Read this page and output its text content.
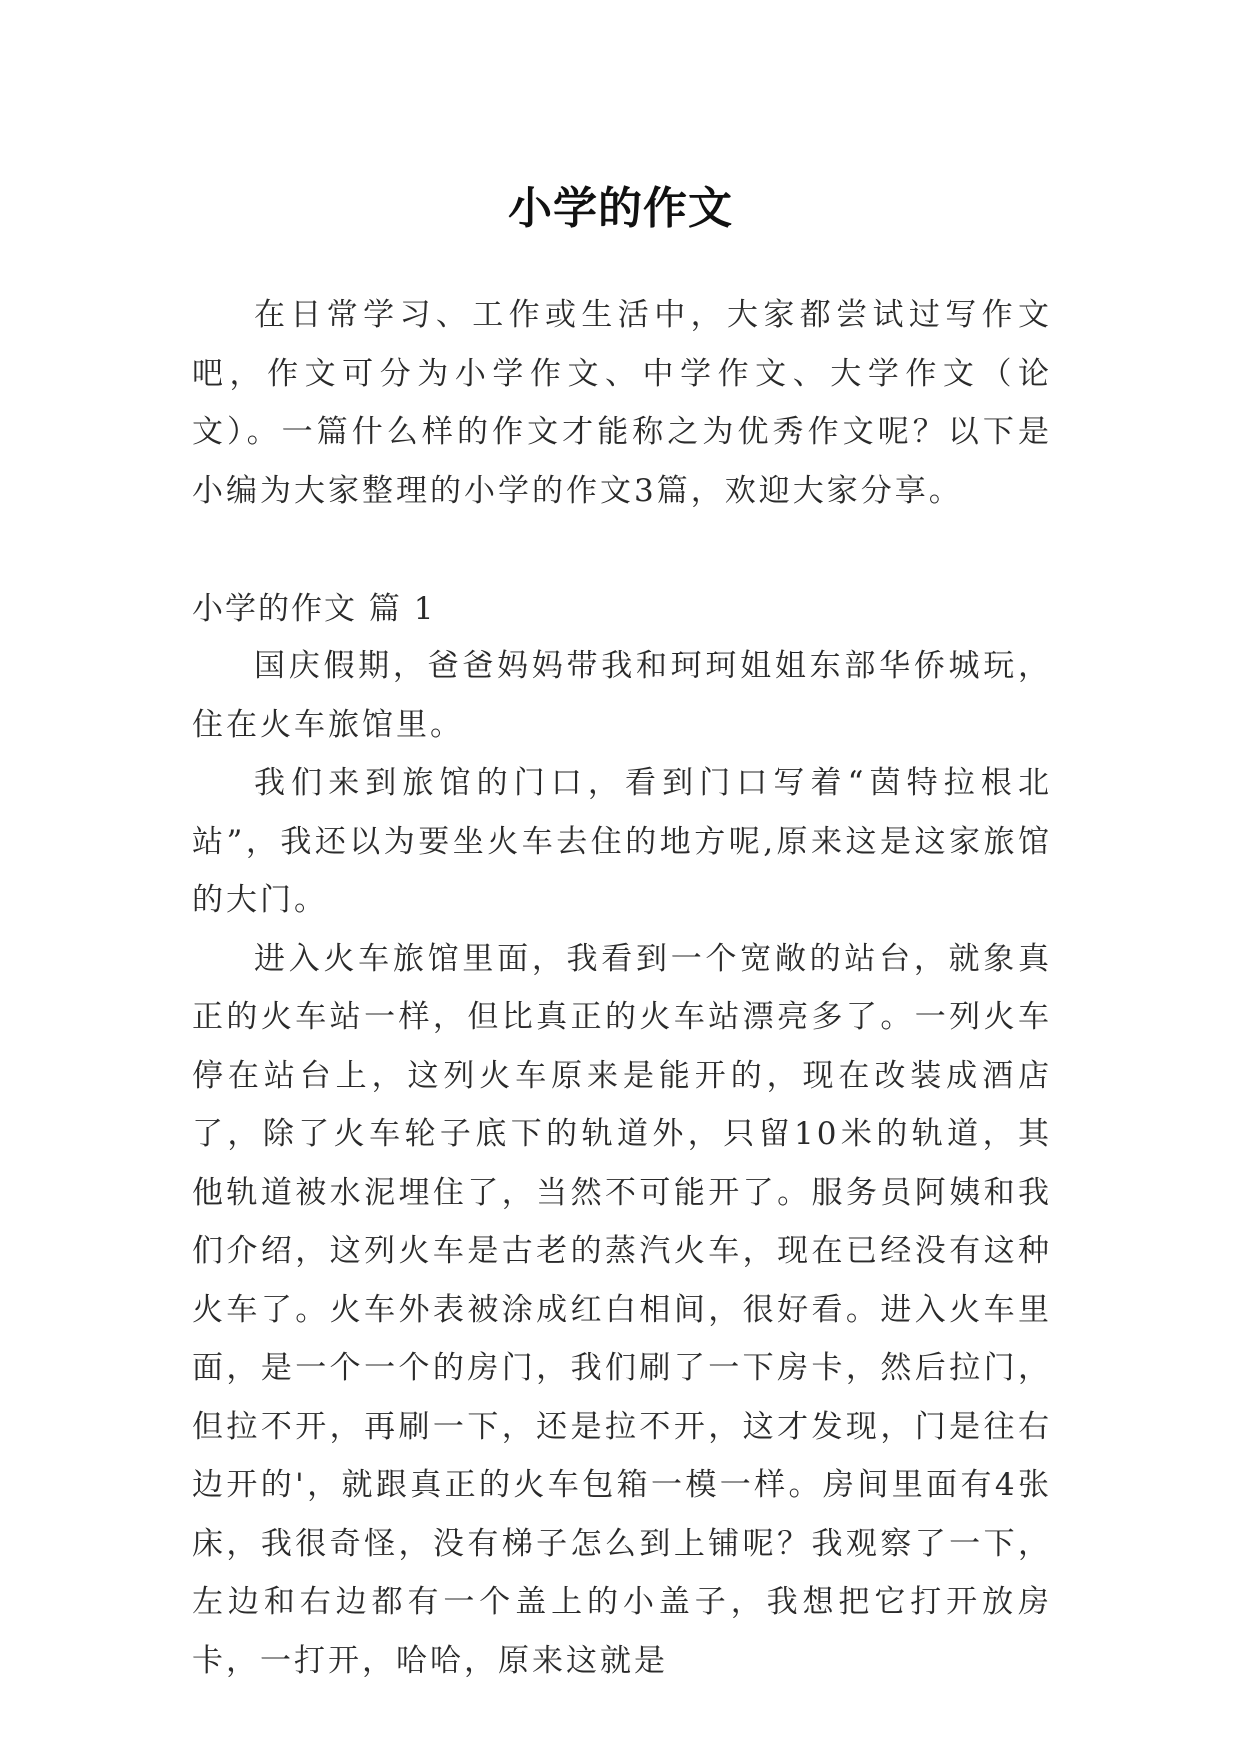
小学的作文

在日常学习、工作或生活中，大家都尝试过写作文吧，作文可分为小学作文、中学作文、大学作文（论文）。一篇什么样的作文才能称之为优秀作文呢？以下是小编为大家整理的小学的作文3篇，欢迎大家分享。

小学的作文 篇 1

国庆假期，爸爸妈妈带我和珂珂姐姐东部华侨城玩，住在火车旅馆里。

我们来到旅馆的门口，看到门口写着“茵特拉根北站”，我还以为要坐火车去住的地方呢,原来这是这家旅馆的大门。

进入火车旅馆里面，我看到一个宽敞的站台，就象真正的火车站一样，但比真正的火车站漂亮多了。一列火车停在站台上，这列火车原来是能开的，现在改装成酒店了，除了火车轮子底下的轨道外，只留10米的轨道，其他轨道被水泥埋住了，当然不可能开了。服务员阿姨和我们介绍，这列火车是古老的蒸汽火车，现在已经没有这种火车了。火车外表被涂成红白相间，很好看。进入火车里面，是一个一个的房门，我们刷了一下房卡，然后拉门，但拉不开，再刷一下，还是拉不开，这才发现，门是往右边开的'，就跟真正的火车包箱一模一样。房间里面有4张床，我很奇怪，没有梯子怎么到上铺呢？我观察了一下，左边和右边都有一个盖上的小盖子，我想把它打开放房卡，一打开，哈哈，原来这就是
